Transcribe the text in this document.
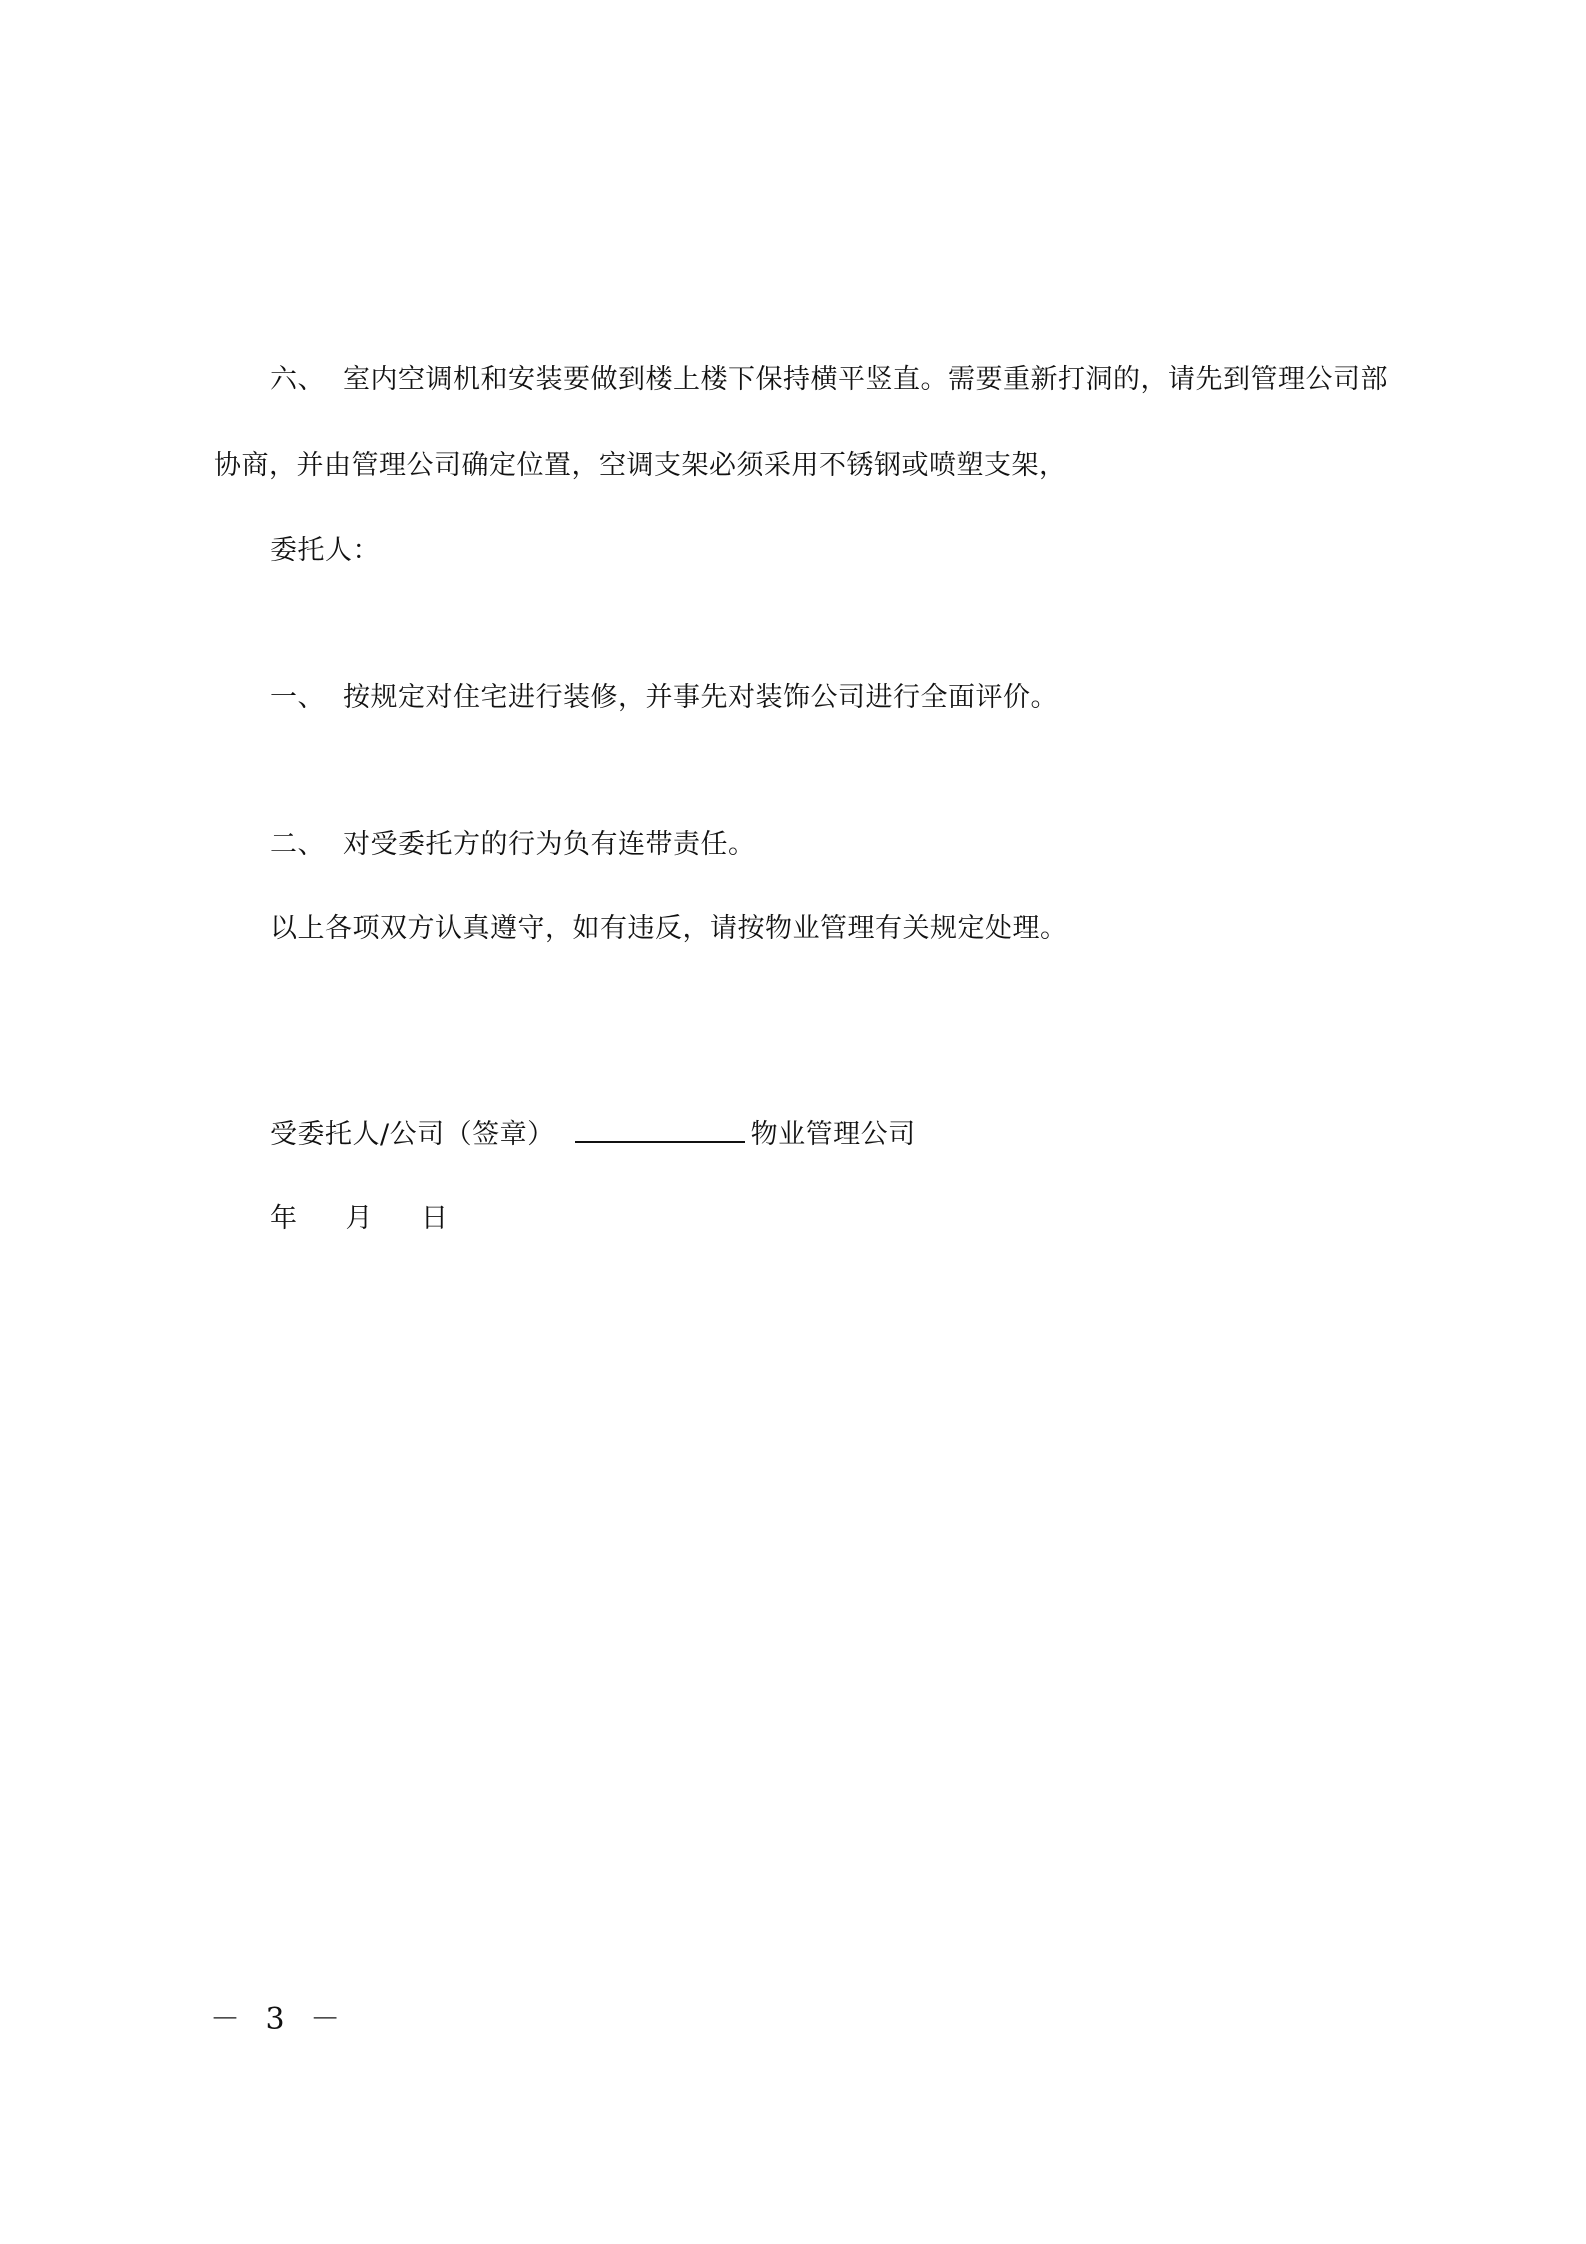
六、 室内空调机和安装要做到楼上楼下保持横平竖直。需要重新打洞的，请先到管理公司部
协商，并由管理公司确定位置，空调支架必须采用不锈钢或喷塑支架，
委托人：
一、 按规定对住宅进行装修，并事先对装饰公司进行全面评价。
二、 对受委托方的行为负有连带责任。
以上各项双方认真遵守，如有违反，请按物业管理有关规定处理。
受委托人/公司（签章）	物业管理公司
年 月 日
－ 3 －
